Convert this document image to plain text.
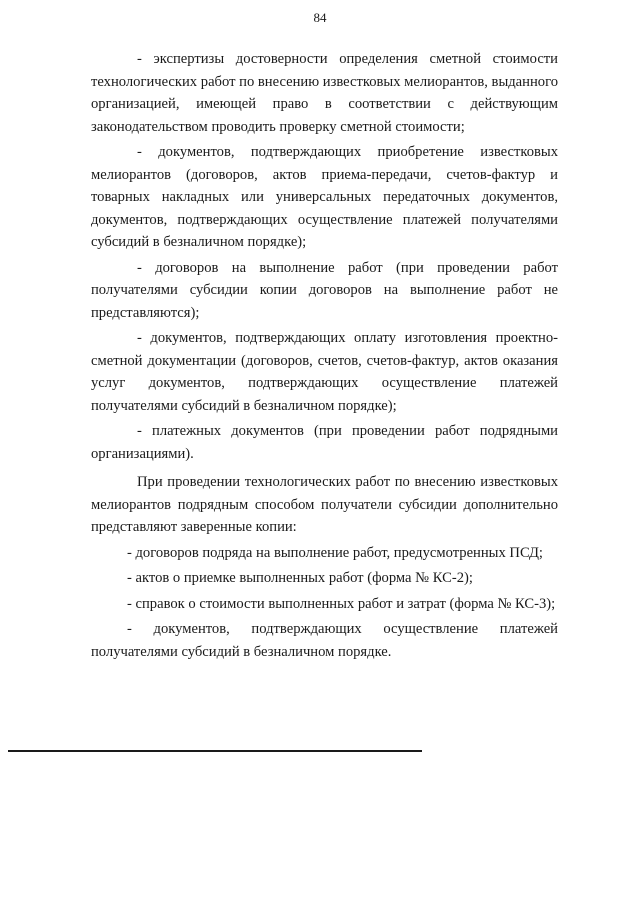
84

- экспертизы достоверности определения сметной стоимости технологических работ по внесению известковых мелиорантов, выданного организацией, имеющей право в соответствии с действующим законодательством проводить проверку сметной стоимости;

- документов, подтверждающих приобретение известковых мелиорантов (договоров, актов приема-передачи, счетов-фактур и товарных накладных или универсальных передаточных документов, документов, подтверждающих осуществление платежей получателями субсидий в безналичном порядке);

- договоров на выполнение работ (при проведении работ получателями субсидии копии договоров на выполнение работ не представляются);

- документов, подтверждающих оплату изготовления проектно-сметной документации (договоров, счетов, счетов-фактур, актов оказания услуг документов, подтверждающих осуществление платежей получателями субсидий в безналичном порядке);

- платежных документов (при проведении работ подрядными организациями).

При проведении технологических работ по внесению известковых мелиорантов подрядным способом получатели субсидии дополнительно представляют заверенные копии:

- договоров подряда на выполнение работ, предусмотренных ПСД;

- актов о приемке выполненных работ (форма № КС-2);

- справок о стоимости выполненных работ и затрат (форма № КС-3);

- документов, подтверждающих осуществление платежей получателями субсидий в безналичном порядке.
